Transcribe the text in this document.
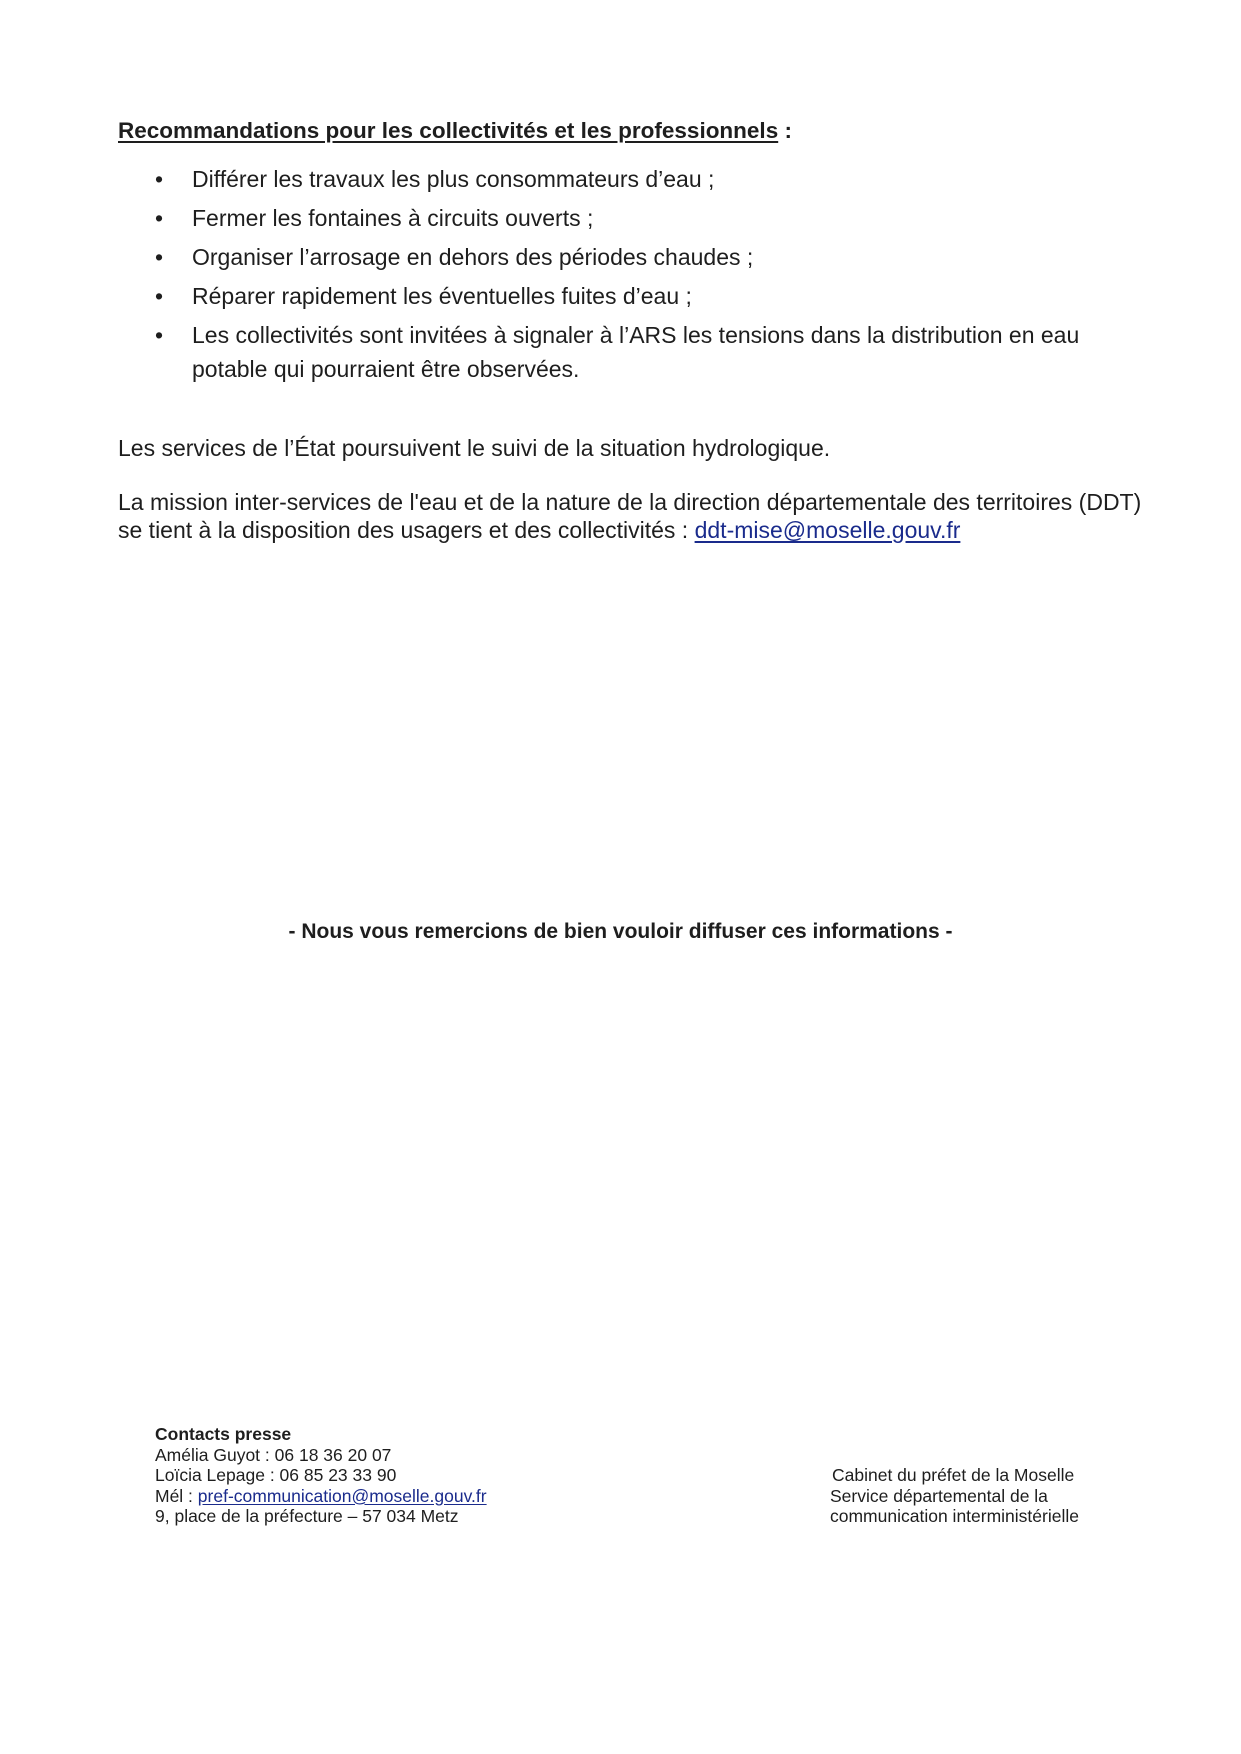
Recommandations pour les collectivités et les professionnels :
• Différer les travaux les plus consommateurs d’eau ;
• Fermer les fontaines à circuits ouverts ;
• Organiser l’arrosage en dehors des périodes chaudes ;
• Réparer rapidement les éventuelles fuites d’eau ;
• Les collectivités sont invitées à signaler à l’ARS les tensions dans la distribution en eau potable qui pourraient être observées.

Les services de l’État poursuivent le suivi de la situation hydrologique.

La mission inter-services de l'eau et de la nature de la direction départementale des territoires (DDT) se tient à la disposition des usagers et des collectivités : ddt-mise@moselle.gouv.fr

- Nous vous remercions de bien vouloir diffuser ces informations -

Contacts presse
Amélia Guyot : 06 18 36 20 07
Loïcia Lepage : 06 85 23 33 90
Mél : pref-communication@moselle.gouv.fr
9, place de la préfecture – 57 034 Metz
Cabinet du préfet de la Moselle
Service départemental de la
communication interministérielle
